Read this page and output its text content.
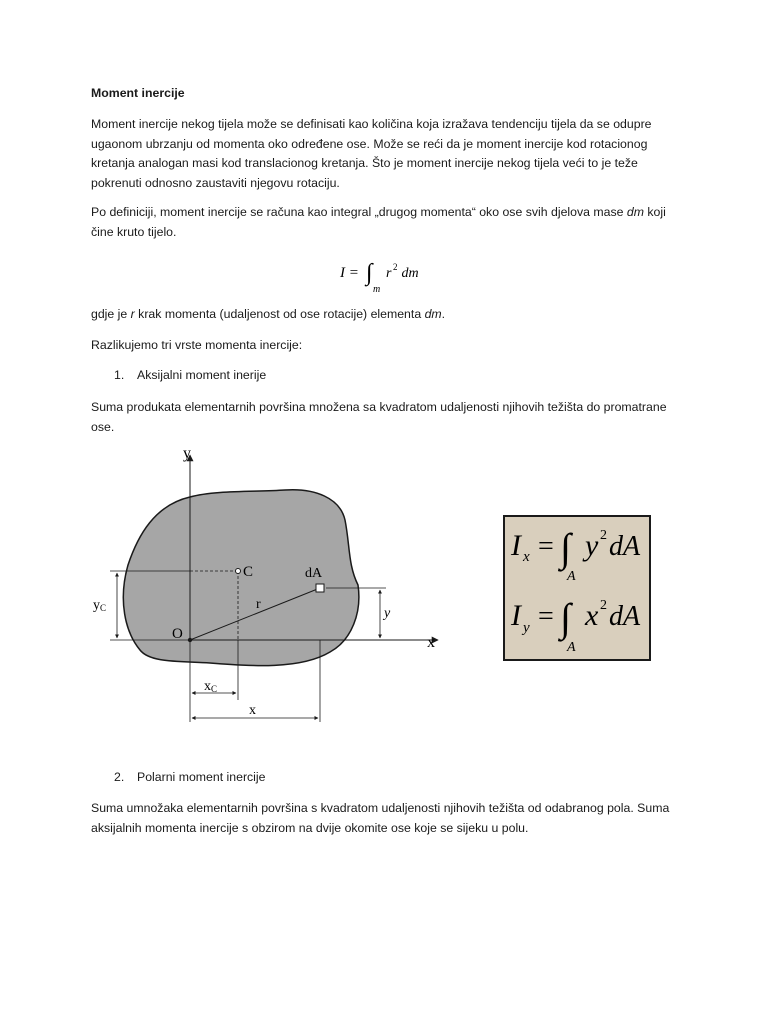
Moment inercije

Moment inercije nekog tijela može se definisati kao količina koja izražava tendenciju tijela da se odupre ugaonom ubrzanju od momenta oko određene ose. Može se reći da je moment inercije kod rotacionog kretanja analogan masi kod translacionog kretanja. Što je moment inercije nekog tijela veći to je teže pokrenuti odnosno zaustaviti njegovu rotaciju.

Po definiciji, moment inercije se računa kao integral „drugog momenta“ oko ose svih djelova mase dm koji čine kruto tijelo.

I = ∫
m
r 2 dm

gdje je r krak momenta (udaljenost od ose rotacije) elementa dm.

Razlikujemo tri vrste momenta inercije:

1. Aksijalni moment inerije

Suma produkata elementarnih površina množena sa kvadratom udaljenosti njihovih težišta do promatrane ose.

y
x
O
C	dA
r
y
yC
xC
x
I x = ∫
A
y 2 dA
I y = ∫
A
x 2 dA
2. Polarni moment inercije

Suma umnožaka elementarnih površina s kvadratom udaljenosti njihovih težišta od odabranog pola. Suma aksijalnih momenta inercije s obzirom na dvije okomite ose koje se sijeku u polu.
